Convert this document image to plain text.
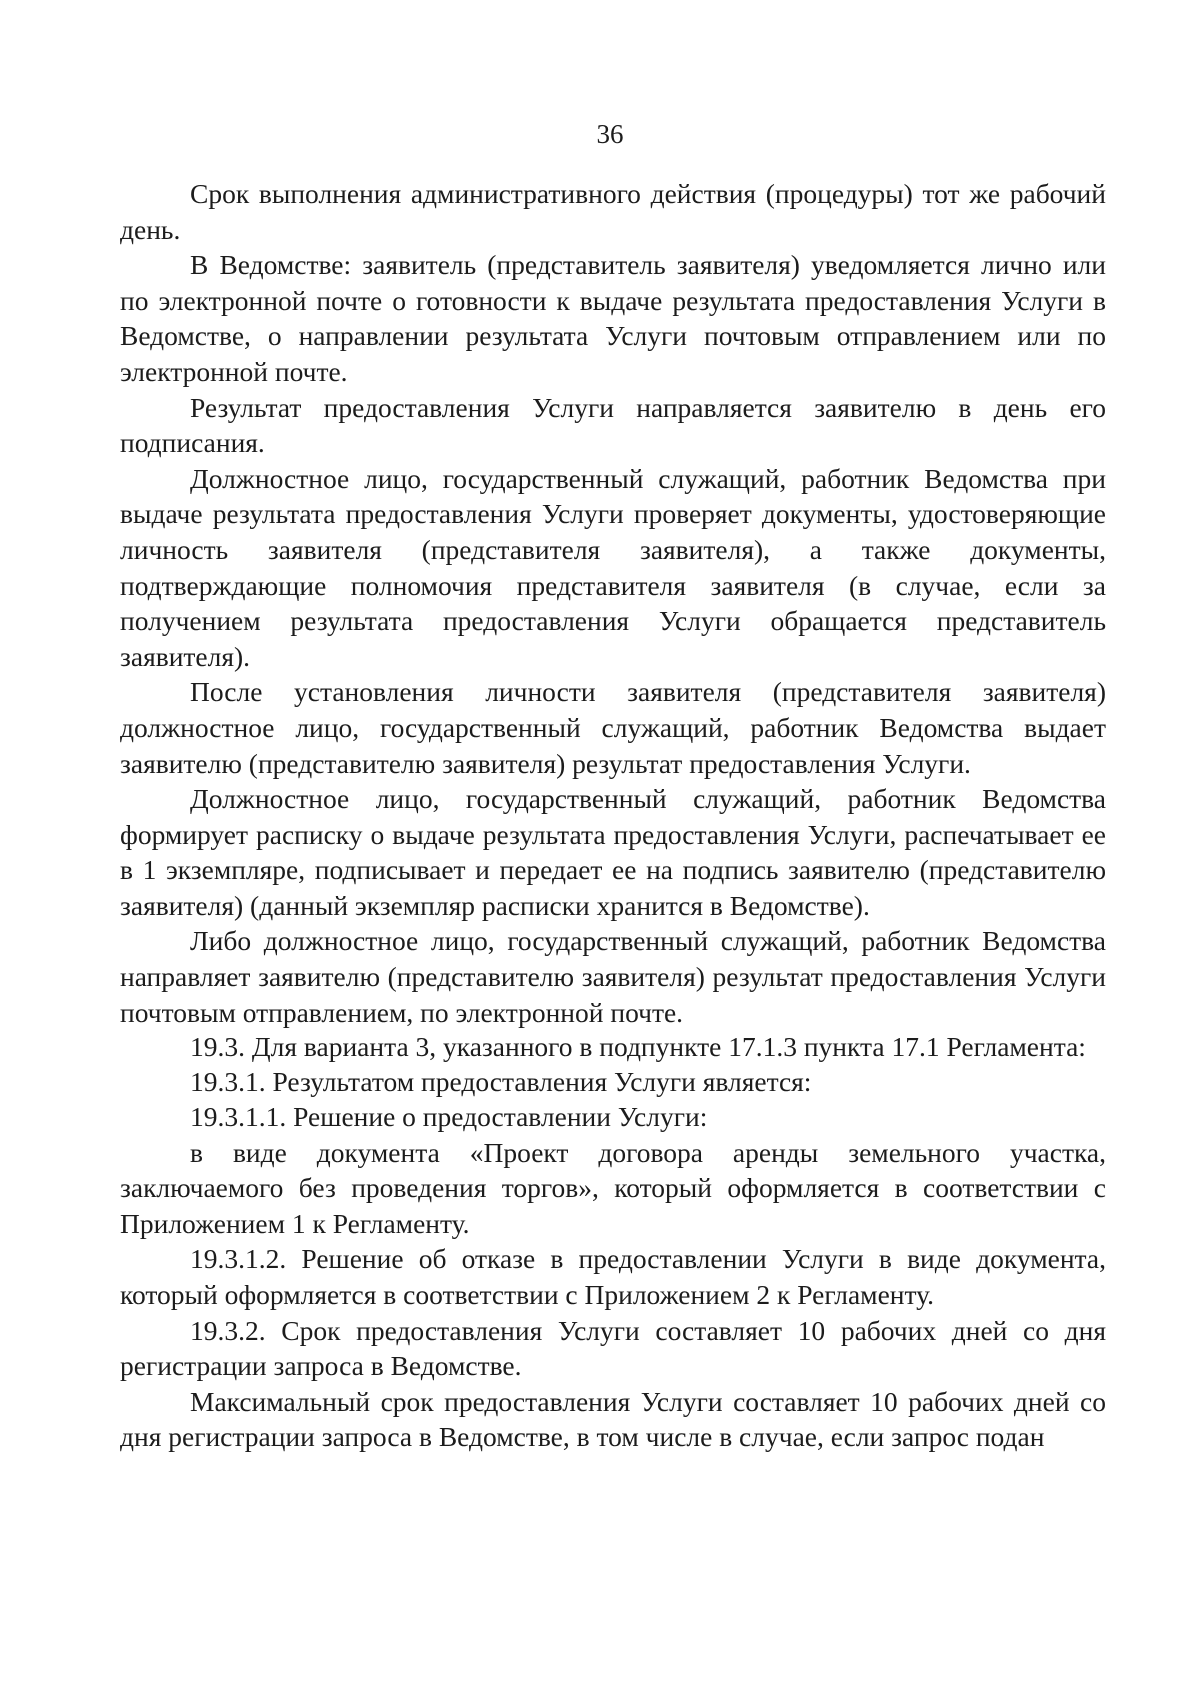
36

Срок выполнения административного действия (процедуры) тот же рабочий день.

В Ведомстве: заявитель (представитель заявителя) уведомляется лично или по электронной почте о готовности к выдаче результата предоставления Услуги в Ведомстве, о направлении результата Услуги почтовым отправлением или по электронной почте.

Результат предоставления Услуги направляется заявителю в день его подписания.

Должностное лицо, государственный служащий, работник Ведомства при выдаче результата предоставления Услуги проверяет документы, удостоверяющие личность заявителя (представителя заявителя), а также документы, подтверждающие полномочия представителя заявителя (в случае, если за получением результата предоставления Услуги обращается представитель заявителя).

После установления личности заявителя (представителя заявителя) должностное лицо, государственный служащий, работник Ведомства выдает заявителю (представителю заявителя) результат предоставления Услуги.

Должностное лицо, государственный служащий, работник Ведомства формирует расписку о выдаче результата предоставления Услуги, распечатывает ее в 1 экземпляре, подписывает и передает ее на подпись заявителю (представителю заявителя) (данный экземпляр расписки хранится в Ведомстве).

Либо должностное лицо, государственный служащий, работник Ведомства направляет заявителю (представителю заявителя) результат предоставления Услуги почтовым отправлением, по электронной почте.

19.3. Для варианта 3, указанного в подпункте 17.1.3 пункта 17.1 Регламента:

19.3.1. Результатом предоставления Услуги является:

19.3.1.1. Решение о предоставлении Услуги:

в виде документа «Проект договора аренды земельного участка, заключаемого без проведения торгов», который оформляется в соответствии с Приложением 1 к Регламенту.

19.3.1.2. Решение об отказе в предоставлении Услуги в виде документа, который оформляется в соответствии с Приложением 2 к Регламенту.

19.3.2. Срок предоставления Услуги составляет 10 рабочих дней со дня регистрации запроса в Ведомстве.

Максимальный срок предоставления Услуги составляет 10 рабочих дней со дня регистрации запроса в Ведомстве, в том числе в случае, если запрос подан
